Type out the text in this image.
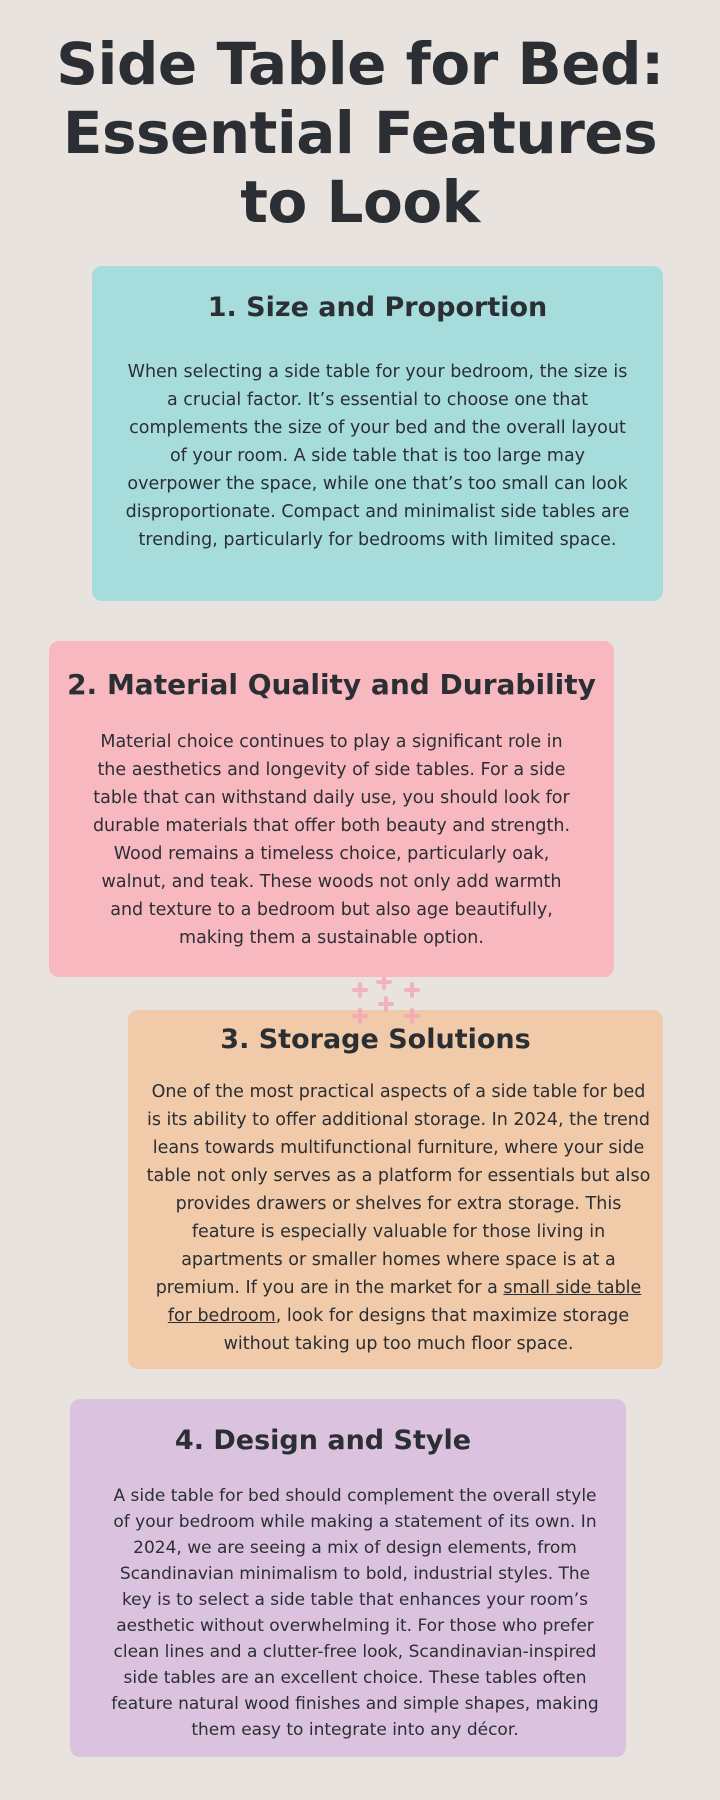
Side Table for Bed: Essential Features to Look
1. Size and Proportion

When selecting a side table for your bedroom, the size is a crucial factor. It’s essential to choose one that complements the size of your bed and the overall layout of your room. A side table that is too large may overpower the space, while one that’s too small can look disproportionate. Compact and minimalist side tables are trending, particularly for bedrooms with limited space.

2. Material Quality and Durability

Material choice continues to play a significant role in the aesthetics and longevity of side tables. For a side table that can withstand daily use, you should look for durable materials that offer both beauty and strength. Wood remains a timeless choice, particularly oak, walnut, and teak. These woods not only add warmth and texture to a bedroom but also age beautifully, making them a sustainable option.

3. Storage Solutions

One of the most practical aspects of a side table for bed is its ability to offer additional storage. In 2024, the trend leans towards multifunctional furniture, where your side table not only serves as a platform for essentials but also provides drawers or shelves for extra storage. This feature is especially valuable for those living in apartments or smaller homes where space is at a premium. If you are in the market for a small side table for bedroom, look for designs that maximize storage without taking up too much floor space.

4. Design and Style

A side table for bed should complement the overall style of your bedroom while making a statement of its own. In 2024, we are seeing a mix of design elements, from Scandinavian minimalism to bold, industrial styles. The key is to select a side table that enhances your room’s aesthetic without overwhelming it. For those who prefer clean lines and a clutter-free look, Scandinavian-inspired side tables are an excellent choice. These tables often feature natural wood finishes and simple shapes, making them easy to integrate into any décor.
